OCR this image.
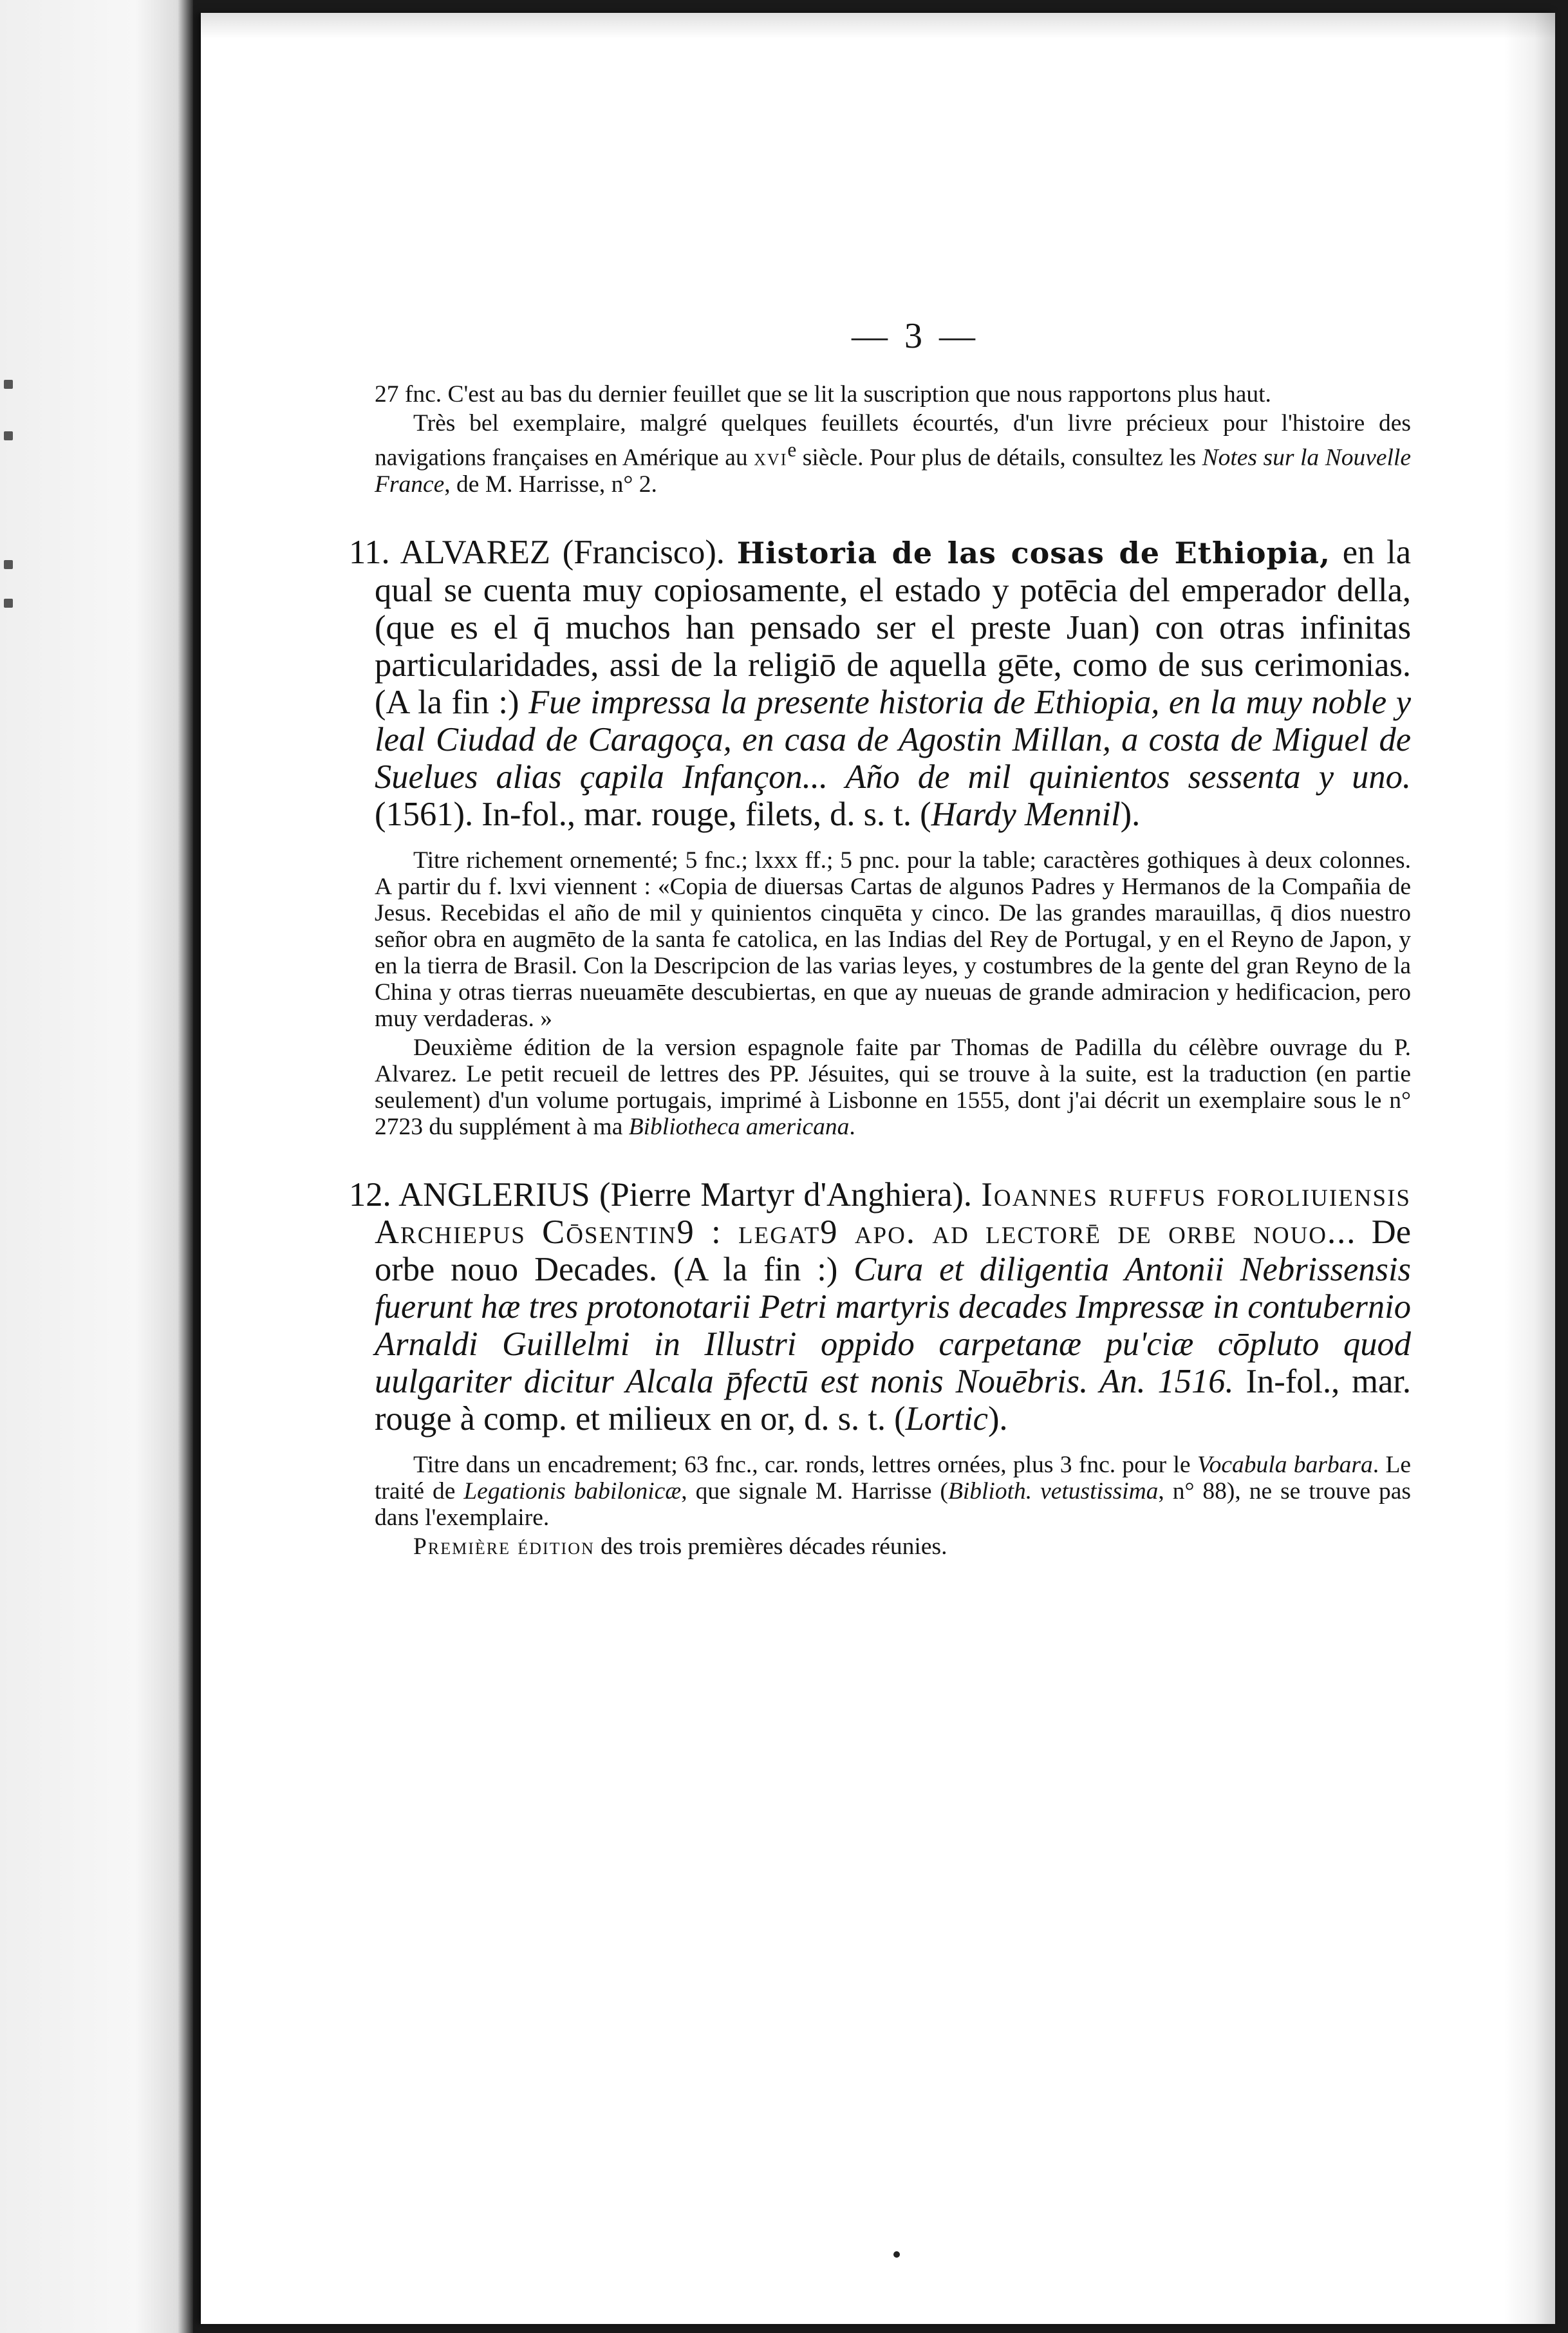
— 3 —

27 fnc. C'est au bas du dernier feuillet que se lit la suscription que nous rapportons plus haut.

Très bel exemplaire, malgré quelques feuillets écourtés, d'un livre précieux pour l'histoire des navigations françaises en Amérique au xvi$^e$ siècle. Pour plus de détails, consultez les Notes sur la Nouvelle France, de M. Harrisse, n° 2.

11. ALVAREZ (Francisco). Historia de las cosas de Ethiopia, en la qual se cuenta muy copiosamente, el estado y potēcia del emperador della, (que es el q̄ muchos han pensado ser el preste Juan) con otras infinitas particularidades, assi de la religiō de aquella gēte, como de sus cerimonias. (A la fin :) Fue impressa la presente historia de Ethiopia, en la muy noble y leal Ciudad de Caragoça, en casa de Agostin Millan, a costa de Miguel de Suelues alias çapila Infançon... Año de mil quinientos sessenta y uno. (1561). In-fol., mar. rouge, filets, d. s. t. (Hardy Mennil).

Titre richement ornementé; 5 fnc.; lxxx ff.; 5 pnc. pour la table; caractères gothiques à deux colonnes. A partir du f. lxvi viennent : «Copia de diuersas Cartas de algunos Padres y Hermanos de la Compañia de Jesus. Recebidas el año de mil y quinientos cinquēta y cinco. De las grandes marauillas, q̄ dios nuestro señor obra en augmēto de la santa fe catolica, en las Indias del Rey de Portugal, y en el Reyno de Japon, y en la tierra de Brasil. Con la Descripcion de las varias leyes, y costumbres de la gente del gran Reyno de la China y otras tierras nueuamēte descubiertas, en que ay nueuas de grande admiracion y hedificacion, pero muy verdaderas. »

Deuxième édition de la version espagnole faite par Thomas de Padilla du célèbre ouvrage du P. Alvarez. Le petit recueil de lettres des PP. Jésuites, qui se trouve à la suite, est la traduction (en partie seulement) d'un volume portugais, imprimé à Lisbonne en 1555, dont j'ai décrit un exemplaire sous le n° 2723 du supplément à ma Bibliotheca americana.

12. ANGLERIUS (Pierre Martyr d'Anghiera). Ioannes ruffus foroliuiensis Archiepus Cōsentin9 : legat9 apo. ad lectorē de orbe nouo... De orbe nouo Decades. (A la fin :) Cura et diligentia Antonii Nebrissensis fuerunt hæ tres protonotarii Petri martyris decades Impressæ in contubernio Arnaldi Guillelmi in Illustri oppido carpetanæ pu'ciæ cōpluto quod uulgariter dicitur Alcala p̄fectū est nonis Nouēbris. An. 1516. In-fol., mar. rouge à comp. et milieux en or, d. s. t. (Lortic).

Titre dans un encadrement; 63 fnc., car. ronds, lettres ornées, plus 3 fnc. pour le Vocabula barbara. Le traité de Legationis babilonicæ, que signale M. Harrisse (Biblioth. vetustissima, n° 88), ne se trouve pas dans l'exemplaire.

Première édition des trois premières décades réunies.
